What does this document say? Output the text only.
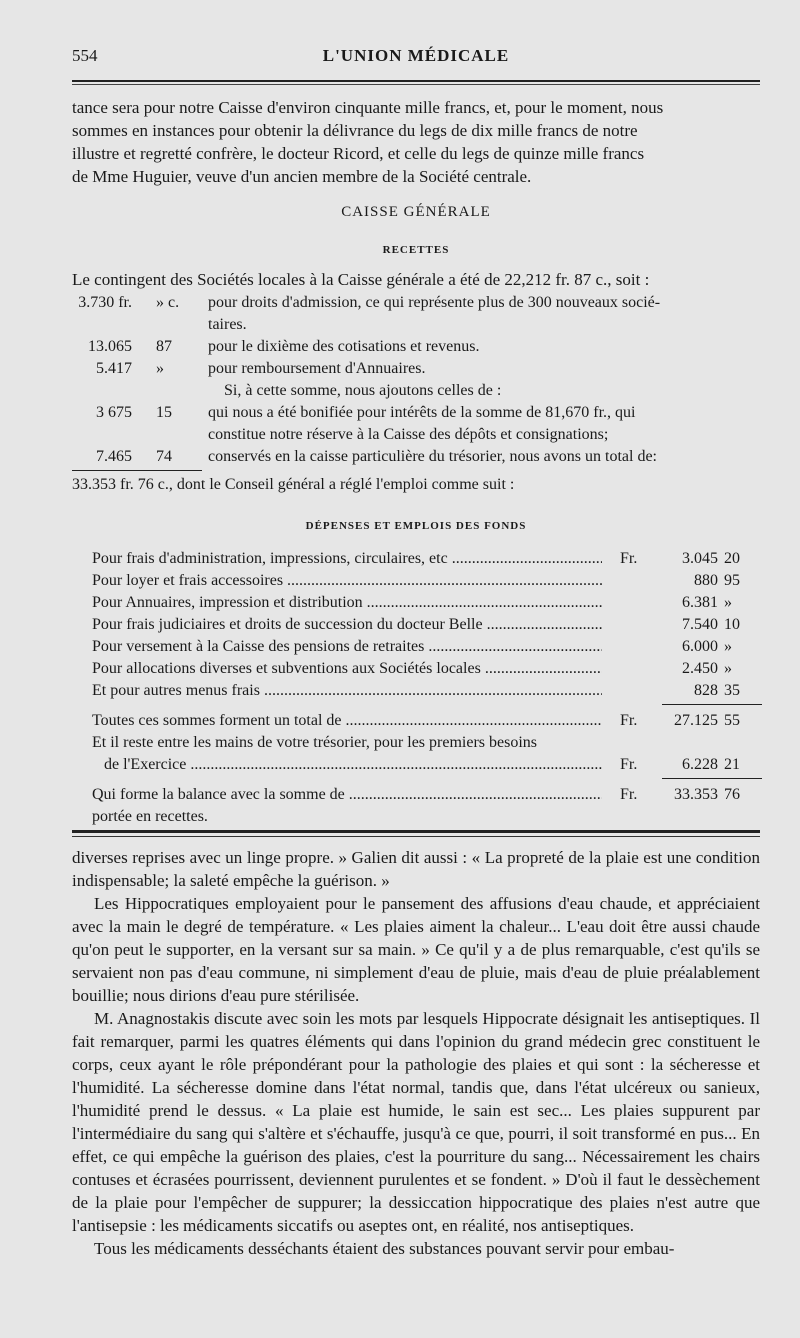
554	L'UNION MÉDICALE
tance sera pour notre Caisse d'environ cinquante mille francs, et, pour le moment, nous
sommes en instances pour obtenir la délivrance du legs de dix mille francs de notre
illustre et regretté confrère, le docteur Ricord, et celle du legs de quinze mille francs
de Mme Huguier, veuve d'un ancien membre de la Société centrale.
CAISSE GÉNÉRALE
RECETTES
Le contingent des Sociétés locales à la Caisse générale a été de 22,212 fr. 87 c., soit :
3.730 fr. » c.	pour droits d'admission, ce qui représente plus de 300 nouveaux socié-
taires.
13.065 87	pour le dixième des cotisations et revenus.
5.417 »	pour remboursement d'Annuaires.
Si, à cette somme, nous ajoutons celles de :
3 675 15	qui nous a été bonifiée pour intérêts de la somme de 81,670 fr., qui
constitue notre réserve à la Caisse des dépôts et consignations;
7.465 74	conservés en la caisse particulière du trésorier, nous avons un total de:
33.353 fr. 76 c., dont le Conseil général a réglé l'emploi comme suit :
DÉPENSES ET EMPLOIS DES FONDS
Pour frais d'administration, impressions, circulaires, etc .....	Fr.	3.045 20
Pour loyer et frais accessoires .....	880 95
Pour Annuaires, impression et distribution .....	6.381 »
Pour frais judiciaires et droits de succession du docteur Belle .....	7.540 10
Pour versement à la Caisse des pensions de retraites .....	6.000 »
Pour allocations diverses et subventions aux Sociétés locales .....	2.450 »
Et pour autres menus frais .....	828 35
Toutes ces sommes forment un total de .....	Fr.	27.125 55
Et il reste entre les mains de votre trésorier, pour les premiers besoins
de l'Exercice .....	Fr.	6.228 21
Qui forme la balance avec la somme de .....	Fr.	33.353 76
portée en recettes.

diverses reprises avec un linge propre. » Galien dit aussi : « La propreté de la plaie est une condition indispensable; la saleté empêche la guérison. »

Les Hippocratiques employaient pour le pansement des affusions d'eau chaude, et appréciaient avec la main le degré de température. « Les plaies aiment la chaleur... L'eau doit être aussi chaude qu'on peut le supporter, en la versant sur sa main. » Ce qu'il y a de plus remarquable, c'est qu'ils se servaient non pas d'eau commune, ni simplement d'eau de pluie, mais d'eau de pluie préalablement bouillie; nous dirions d'eau pure stérilisée.

M. Anagnostakis discute avec soin les mots par lesquels Hippocrate désignait les antiseptiques. Il fait remarquer, parmi les quatres éléments qui dans l'opinion du grand médecin grec constituent le corps, ceux ayant le rôle prépondérant pour la pathologie des plaies et qui sont : la sécheresse et l'humidité. La sécheresse domine dans l'état normal, tandis que, dans l'état ulcéreux ou sanieux, l'humidité prend le dessus. « La plaie est humide, le sain est sec... Les plaies suppurent par l'intermédiaire du sang qui s'altère et s'échauffe, jusqu'à ce que, pourri, il soit transformé en pus... En effet, ce qui empêche la guérison des plaies, c'est la pourriture du sang... Nécessairement les chairs contuses et écrasées pourrissent, deviennent purulentes et se fondent. » D'où il faut le dessèchement de la plaie pour l'empêcher de suppurer; la dessiccation hippocratique des plaies n'est autre que l'antisepsie : les médicaments siccatifs ou aseptes ont, en réalité, nos antiseptiques.

Tous les médicaments desséchants étaient des substances pouvant servir pour embau-
